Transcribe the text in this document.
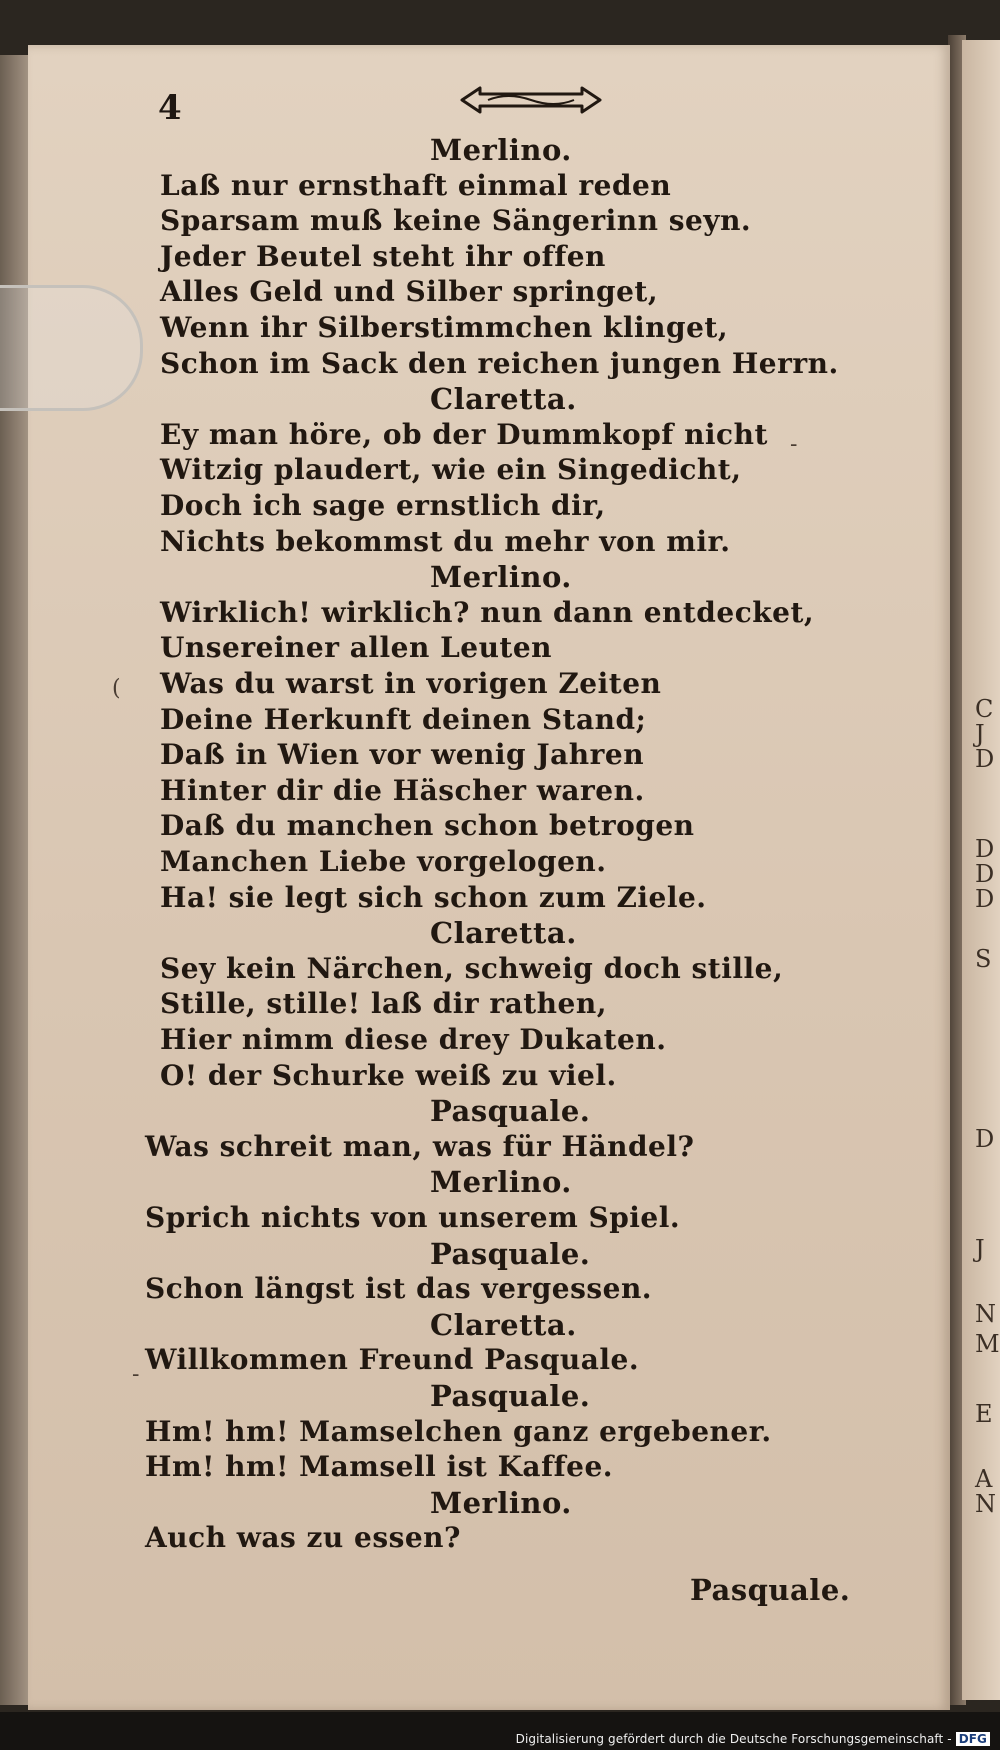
4
Merlino.
Laß nur ernsthaft einmal reden
Sparsam muß keine Sängerinn seyn.
Jeder Beutel steht ihr offen
Alles Geld und Silber springet,
Wenn ihr Silberstimmchen klinget,
Schon im Sack den reichen jungen Herrn.
Claretta.
Ey man höre, ob der Dummkopf nicht
Witzig plaudert, wie ein Singedicht,
Doch ich sage ernstlich dir,
Nichts bekommst du mehr von mir.
Merlino.
Wirklich! wirklich? nun dann entdecket,
Unsereiner allen Leuten
Was du warst in vorigen Zeiten
Deine Herkunft deinen Stand;
Daß in Wien vor wenig Jahren
Hinter dir die Häscher waren.
Daß du manchen schon betrogen
Manchen Liebe vorgelogen.
Ha! sie legt sich schon zum Ziele.
Claretta.
Sey kein Närchen, schweig doch stille,
Stille, stille! laß dir rathen,
Hier nimm diese drey Dukaten.
O! der Schurke weiß zu viel.
Pasquale.
Was schreit man, was für Händel?
Merlino.
Sprich nichts von unserem Spiel.
Pasquale.
Schon längst ist das vergessen.
Claretta.
Willkommen Freund Pasquale.
Pasquale.
Hm! hm! Mamselchen ganz ergebener.
Hm! hm! Mamsell ist Kaffee.
Merlino.
Auch was zu essen?
Pasquale.
(
-
‑
Digitalisierung gefördert durch die Deutsche Forschungsgemeinschaft - DFG
C
J
D
D
D
D
S
D
J
N
M
E
A
N
